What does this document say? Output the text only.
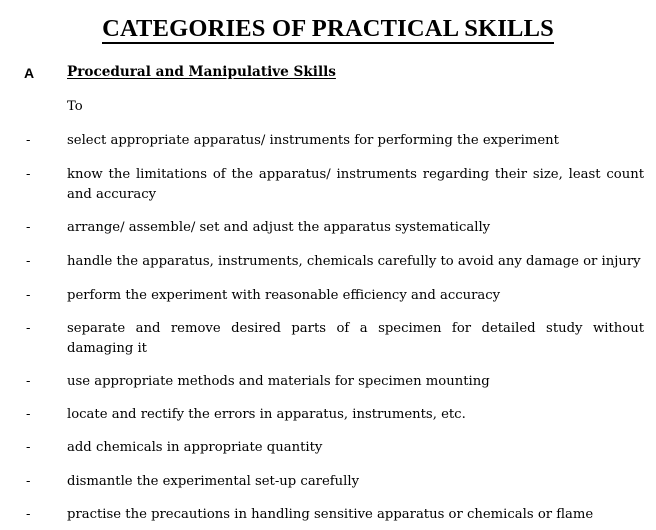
CATEGORIES OF PRACTICAL SKILLS
A Procedural and Manipulative Skills
To
-	select appropriate apparatus/ instruments for performing the experiment
-	know the limitations of the apparatus/ instruments regarding their size, least count and accuracy
-	arrange/ assemble/ set and adjust the apparatus systematically
-	handle the apparatus, instruments, chemicals carefully to avoid any damage or injury
-	perform the experiment with reasonable efficiency and accuracy
-	separate and remove desired parts of a specimen for detailed study without damaging it
-	use appropriate methods and materials for specimen mounting
-	locate and rectify the errors in apparatus, instruments, etc.
-	add chemicals in appropriate quantity
-	dismantle the experimental set-up carefully
-	practise the precautions in handling sensitive apparatus or chemicals or flame
